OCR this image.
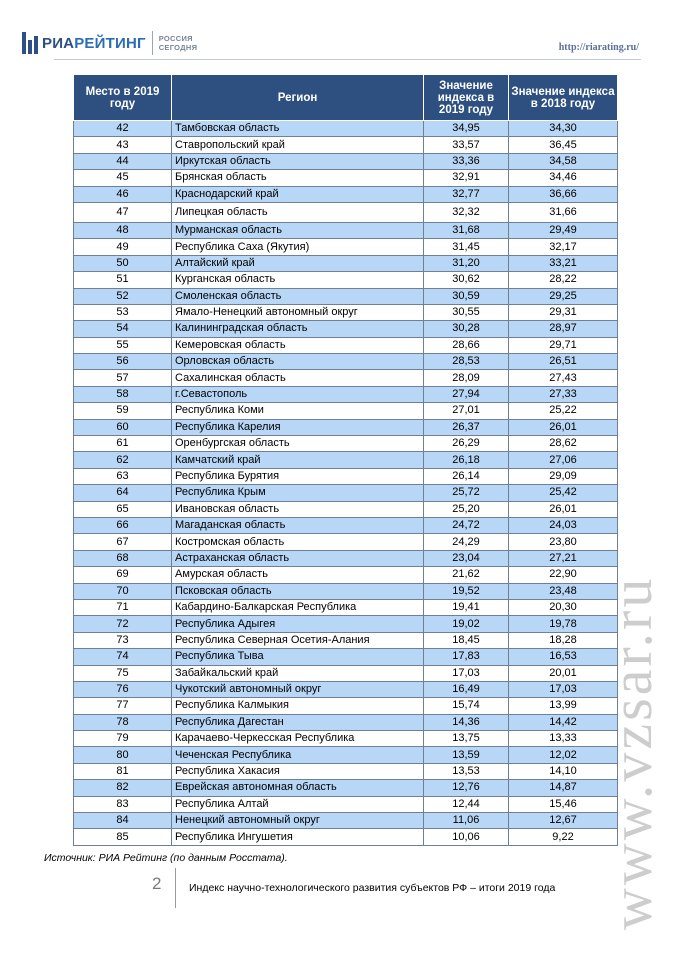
РИАРЕЙТИНГ РОССИЯ
СЕГОДНЯ	http://riarating.ru/
Место в 2019 году	Регион	Значение индекса в 2019 году	Значение индекса в 2018 году
42	Тамбовская область	34,95	34,30
43	Ставропольский край	33,57	36,45
44	Иркутская область	33,36	34,58
45	Брянская область	32,91	34,46
46	Краснодарский край	32,77	36,66
47	Липецкая область	32,32	31,66
48	Мурманская область	31,68	29,49
49	Республика Саха (Якутия)	31,45	32,17
50	Алтайский край	31,20	33,21
51	Курганская область	30,62	28,22
52	Смоленская область	30,59	29,25
53	Ямало-Ненецкий автономный округ	30,55	29,31
54	Калининградская область	30,28	28,97
55	Кемеровская область	28,66	29,71
56	Орловская область	28,53	26,51
57	Сахалинская область	28,09	27,43
58	г.Севастополь	27,94	27,33
59	Республика Коми	27,01	25,22
60	Республика Карелия	26,37	26,01
61	Оренбургская область	26,29	28,62
62	Камчатский край	26,18	27,06
63	Республика Бурятия	26,14	29,09
64	Республика Крым	25,72	25,42
65	Ивановская область	25,20	26,01
66	Магаданская область	24,72	24,03
67	Костромская область	24,29	23,80
68	Астраханская область	23,04	27,21
69	Амурская область	21,62	22,90
70	Псковская область	19,52	23,48
71	Кабардино-Балкарская Республика	19,41	20,30
72	Республика Адыгея	19,02	19,78
73	Республика Северная Осетия-Алания	18,45	18,28
74	Республика Тыва	17,83	16,53
75	Забайкальский край	17,03	20,01
76	Чукотский автономный округ	16,49	17,03
77	Республика Калмыкия	15,74	13,99
78	Республика Дагестан	14,36	14,42
79	Карачаево-Черкесская Республика	13,75	13,33
80	Чеченская Республика	13,59	12,02
81	Республика Хакасия	13,53	14,10
82	Еврейская автономная область	12,76	14,87
83	Республика Алтай	12,44	15,46
84	Ненецкий автономный округ	11,06	12,67
85	Республика Ингушетия	10,06	9,22
Источник: РИА Рейтинг (по данным Росстата).
2	Индекс научно-технологического развития субъектов РФ – итоги 2019 года www.vzsar.ru
